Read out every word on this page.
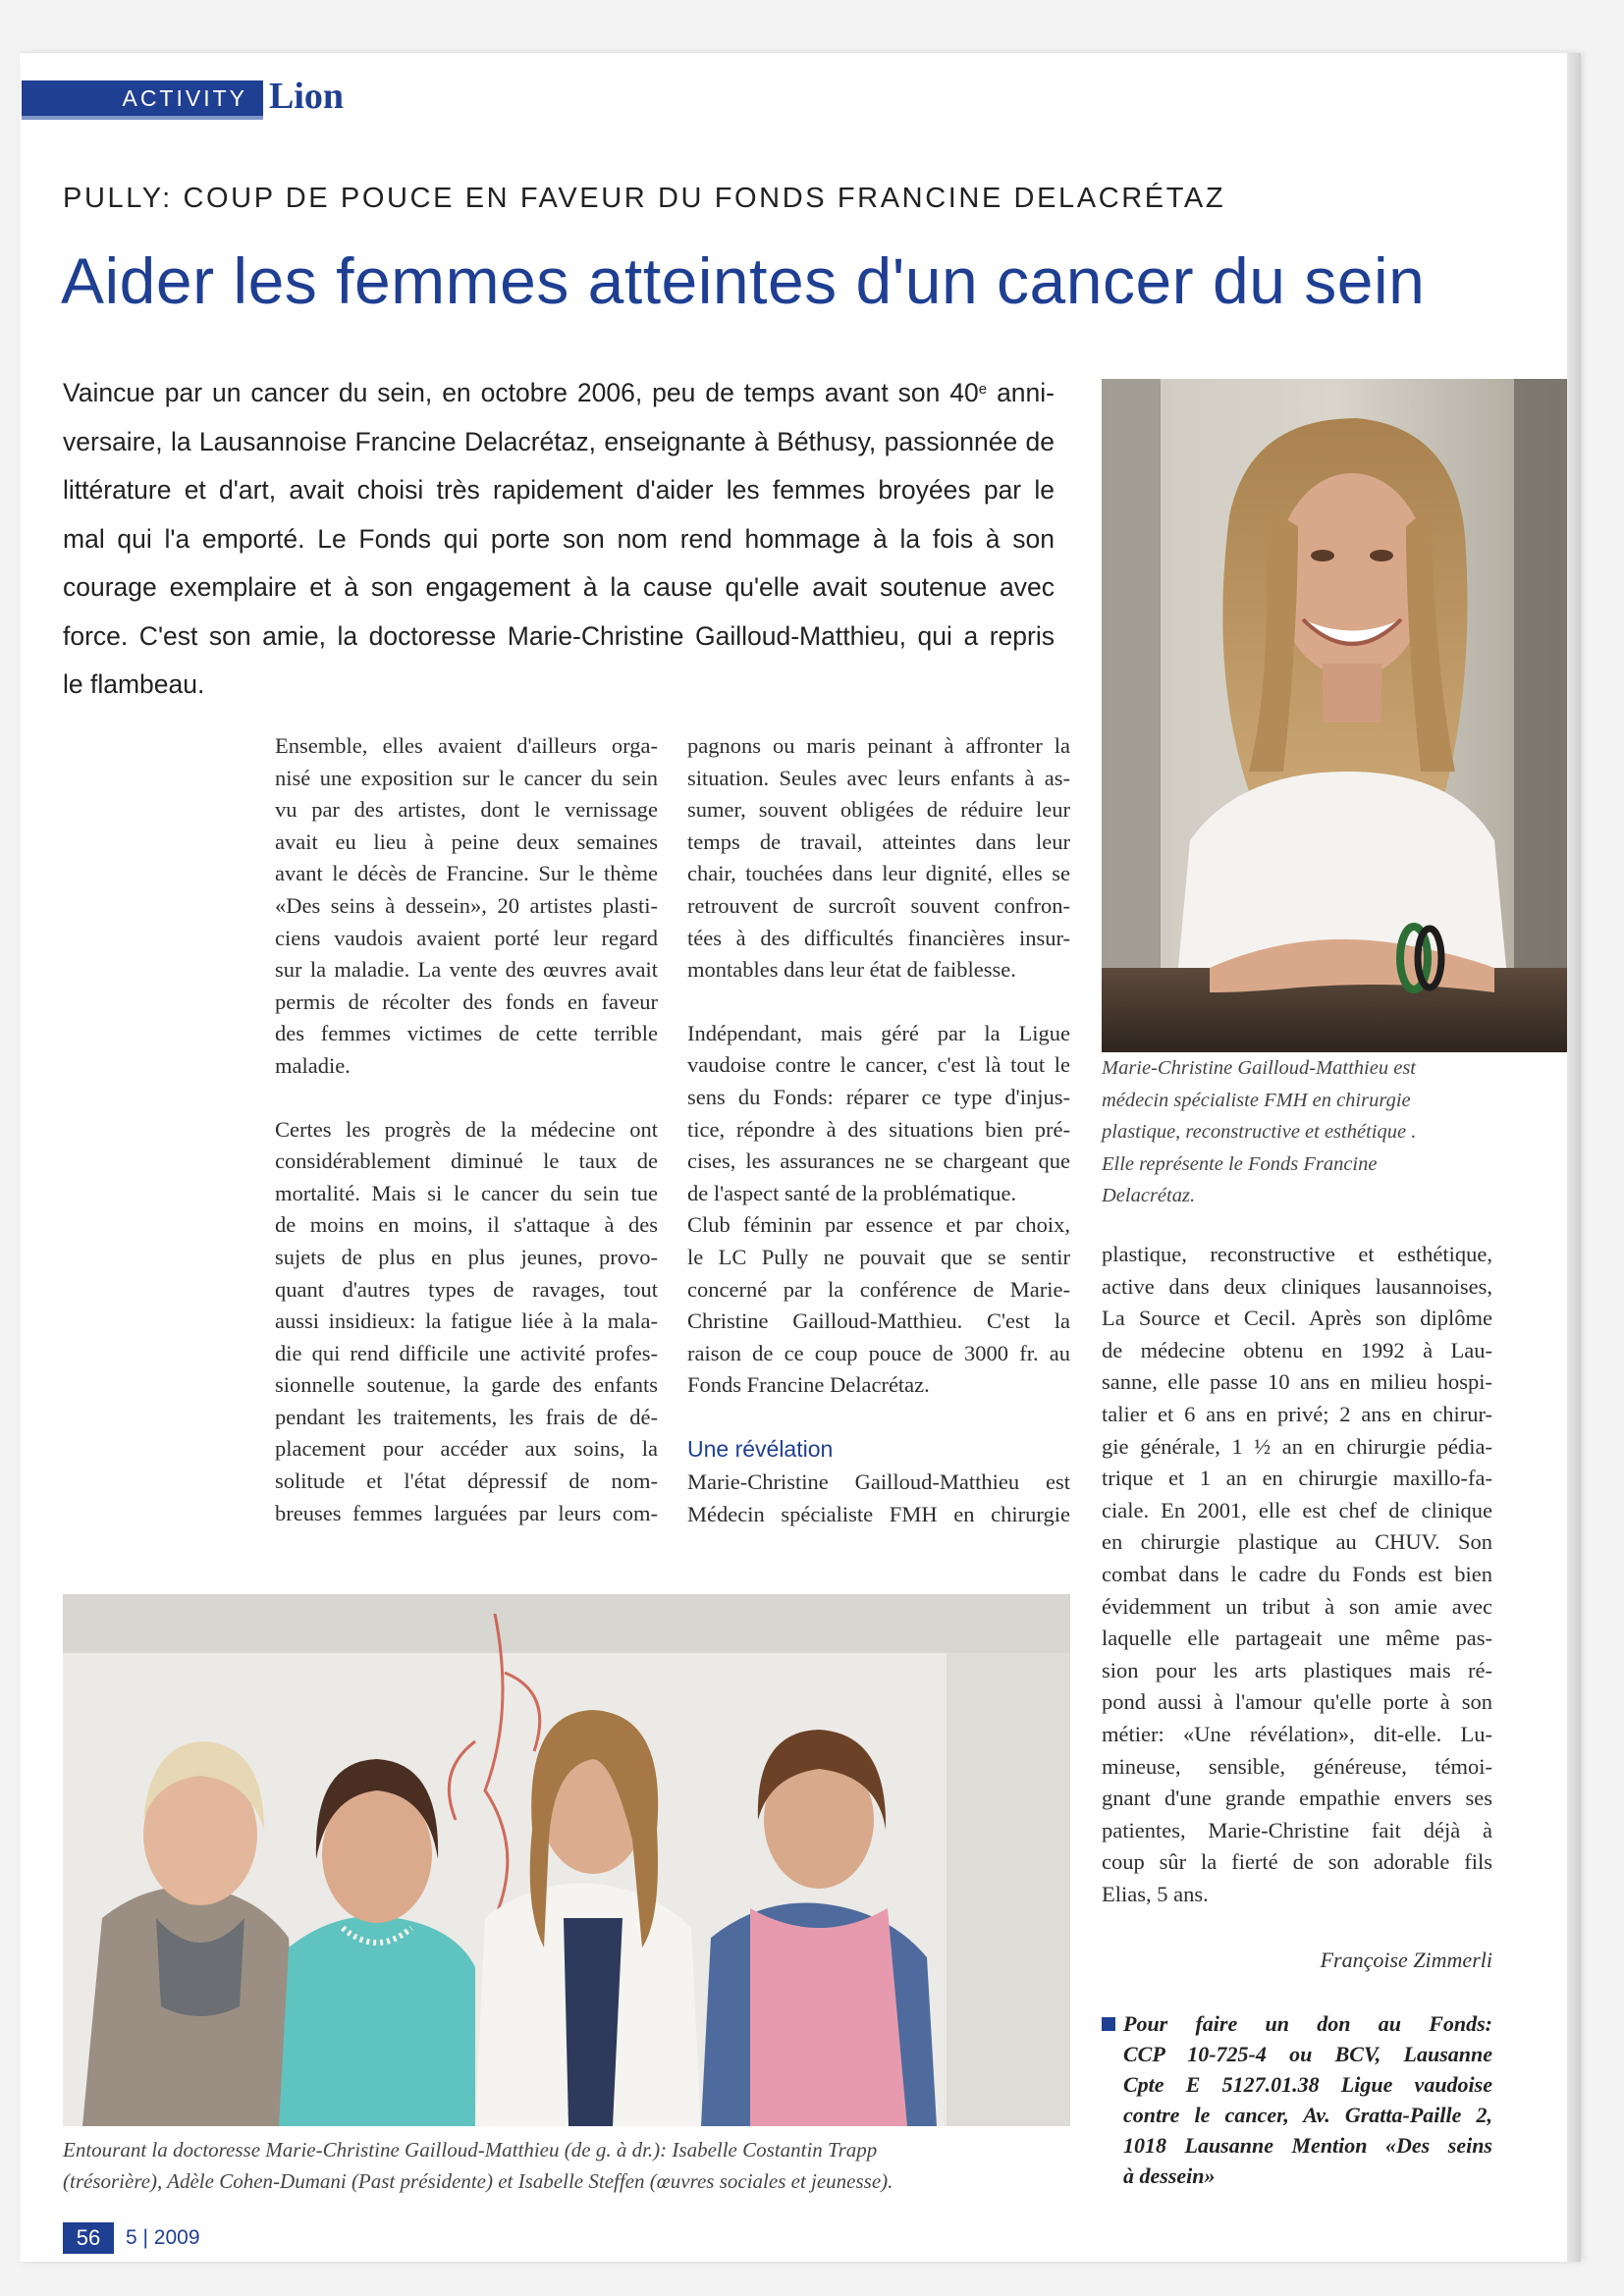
ACTIVITY Lion
PULLY: COUP DE POUCE EN FAVEUR DU FONDS FRANCINE DELACRÉTAZ
Aider les femmes atteintes d'un cancer du sein
Vaincue par un cancer du sein, en octobre 2006, peu de temps avant son 40e anni-
versaire, la Lausannoise Francine Delacrétaz, enseignante à Béthusy, passionnée de
littérature et d'art, avait choisi très rapidement d'aider les femmes broyées par le
mal qui l'a emporté. Le Fonds qui porte son nom rend hommage à la fois à son
courage exemplaire et à son engagement à la cause qu'elle avait soutenue avec
force. C'est son amie, la doctoresse Marie-Christine Gailloud-Matthieu, qui a repris
le flambeau.
Marie-Christine Gailloud-Matthieu est
médecin spécialiste FMH en chirurgie
plastique, reconstructive et esthétique .
Elle représente le Fonds Francine
Delacrétaz.

Ensemble, elles avaient d'ailleurs orga-
nisé une exposition sur le cancer du sein
vu par des artistes, dont le vernissage
avait eu lieu à peine deux semaines
avant le décès de Francine. Sur le thème
«Des seins à dessein», 20 artistes plasti-
ciens vaudois avaient porté leur regard
sur la maladie. La vente des œuvres avait
permis de récolter des fonds en faveur
des femmes victimes de cette terrible
maladie.

Certes les progrès de la médecine ont
considérablement diminué le taux de
mortalité. Mais si le cancer du sein tue
de moins en moins, il s'attaque à des
sujets de plus en plus jeunes, provo-
quant d'autres types de ravages, tout
aussi insidieux: la fatigue liée à la mala-
die qui rend difficile une activité profes-
sionnelle soutenue, la garde des enfants
pendant les traitements, les frais de dé-
placement pour accéder aux soins, la
solitude et l'état dépressif de nom-
breuses femmes larguées par leurs com-

pagnons ou maris peinant à affronter la
situation. Seules avec leurs enfants à as-
sumer, souvent obligées de réduire leur
temps de travail, atteintes dans leur
chair, touchées dans leur dignité, elles se
retrouvent de surcroît souvent confron-
tées à des difficultés financières insur-
montables dans leur état de faiblesse.

Indépendant, mais géré par la Ligue
vaudoise contre le cancer, c'est là tout le
sens du Fonds: réparer ce type d'injus-
tice, répondre à des situations bien pré-
cises, les assurances ne se chargeant que
de l'aspect santé de la problématique.
Club féminin par essence et par choix,
le LC Pully ne pouvait que se sentir
concerné par la conférence de Marie-
Christine Gailloud-Matthieu. C'est la
raison de ce coup pouce de 3000 fr. au
Fonds Francine Delacrétaz.

Une révélation
Marie-Christine Gailloud-Matthieu est
Médecin spécialiste FMH en chirurgie

plastique, reconstructive et esthétique,
active dans deux cliniques lausannoises,
La Source et Cecil. Après son diplôme
de médecine obtenu en 1992 à Lau-
sanne, elle passe 10 ans en milieu hospi-
talier et 6 ans en privé; 2 ans en chirur-
gie générale, 1 ½ an en chirurgie pédia-
trique et 1 an en chirurgie maxillo-fa-
ciale. En 2001, elle est chef de clinique
en chirurgie plastique au CHUV. Son
combat dans le cadre du Fonds est bien
évidemment un tribut à son amie avec
laquelle elle partageait une même pas-
sion pour les arts plastiques mais ré-
pond aussi à l'amour qu'elle porte à son
métier: «Une révélation», dit-elle. Lu-
mineuse, sensible, généreuse, témoi-
gnant d'une grande empathie envers ses
patientes, Marie-Christine fait déjà à
coup sûr la fierté de son adorable fils
Elias, 5 ans.

Françoise Zimmerli
Pour faire un don au Fonds:
CCP 10-725-4 ou BCV, Lausanne
Cpte E 5127.01.38 Ligue vaudoise
contre le cancer, Av. Gratta-Paille 2,
1018 Lausanne Mention «Des seins
à dessein»
Entourant la doctoresse Marie-Christine Gailloud-Matthieu (de g. à dr.): Isabelle Costantin Trapp
(trésorière), Adèle Cohen-Dumani (Past présidente) et Isabelle Steffen (œuvres sociales et jeunesse).
56	5 | 2009
